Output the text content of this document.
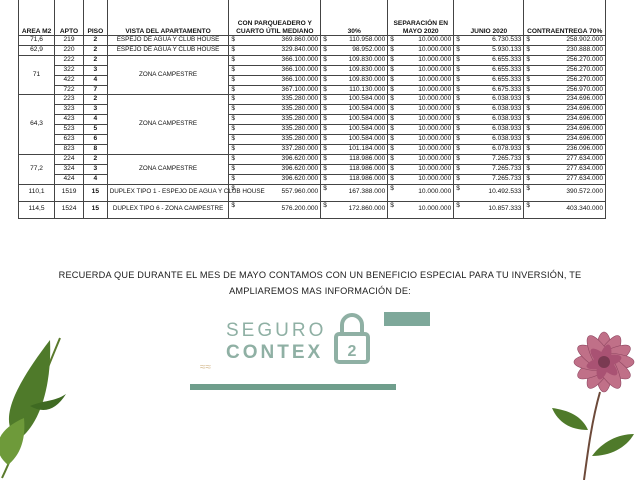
AREA M2	APTO	PISO	VISTA DEL APARTAMENTO	CON PARQUEADERO Y CUARTO ÚTIL MEDIANO	30%	SEPARACIÓN EN MAYO 2020	JUNIO 2020	CONTRAENTREGA 70%
71,6	219	2	ESPEJO DE AGUA Y CLUB HOUSE	$ 369.860.000	$ 110.958.000	$ 10.000.000	$ 6.730.533	$ 258.902.000
62,9	220	2	ESPEJO DE AGUA Y CLUB HOUSE	$ 329.840.000	$ 98.952.000	$ 10.000.000	$ 5.930.133	$ 230.888.000
71	222	2	ZONA CAMPESTRE	$ 366.100.000	$ 109.830.000	$ 10.000.000	$ 6.655.333	$ 256.270.000
	322	3		$ 366.100.000	$ 109.830.000	$ 10.000.000	$ 6.655.333	$ 256.270.000
	422	4		$ 366.100.000	$ 109.830.000	$ 10.000.000	$ 6.655.333	$ 256.270.000
	722	7		$ 367.100.000	$ 110.130.000	$ 10.000.000	$ 6.675.333	$ 256.970.000
64,3	223	2	ZONA CAMPESTRE	$ 335.280.000	$ 100.584.000	$ 10.000.000	$ 6.038.933	$ 234.696.000
	323	3		$ 335.280.000	$ 100.584.000	$ 10.000.000	$ 6.038.933	$ 234.696.000
	423	4		$ 335.280.000	$ 100.584.000	$ 10.000.000	$ 6.038.933	$ 234.696.000
	523	5		$ 335.280.000	$ 100.584.000	$ 10.000.000	$ 6.038.933	$ 234.696.000
	623	6		$ 335.280.000	$ 100.584.000	$ 10.000.000	$ 6.038.933	$ 234.696.000
	823	8		$ 337.280.000	$ 101.184.000	$ 10.000.000	$ 6.078.933	$ 236.096.000
77,2	224	2	ZONA CAMPESTRE	$ 396.620.000	$ 118.986.000	$ 10.000.000	$ 7.265.733	$ 277.634.000
	324	3		$ 396.620.000	$ 118.986.000	$ 10.000.000	$ 7.265.733	$ 277.634.000
	424	4		$ 396.620.000	$ 118.986.000	$ 10.000.000	$ 7.265.733	$ 277.634.000
110,1	1519	15	DUPLEX TIPO 1 - ESPEJO DE AGUA Y CLUB HOUSE	$ 557.960.000	$ 167.388.000	$ 10.000.000	$ 10.492.533	$ 390.572.000
114,5	1524	15	DUPLEX TIPO 6 - ZONA CAMPESTRE	$ 576.200.000	$ 172.860.000	$ 10.000.000	$ 10.857.333	$ 403.340.000
RECUERDA QUE DURANTE EL MES DE MAYO CONTAMOS CON UN BENEFICIO ESPECIAL PARA TU INVERSIÓN, TE
AMPLIAREMOS MAS INFORMACIÓN DE:
SEGURO
CONTEX 2
≈≈
